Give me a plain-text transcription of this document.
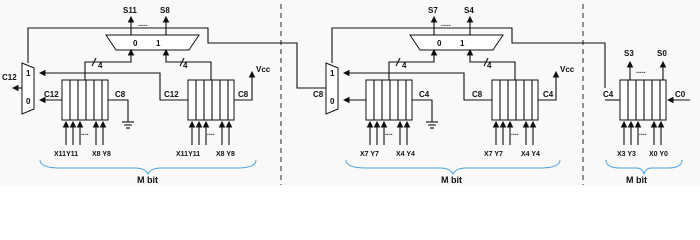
0 1
S11	S8
.....
1
0
C12
C12	C8	C12	C8
Vcc
4	4
.....
X11Y11 X8 Y8
.....
X11Y11 X8 Y8
M bit
0 1
S7	S4
.....
1
0
C8	C4	C8	C4
Vcc
4	4
.....
X7 Y7 X4 Y4
.....
X7 Y7	X4 Y4
M bit
C4	C0
S3	S0
.....
.....
X3 Y3 X0 Y0
M bit
